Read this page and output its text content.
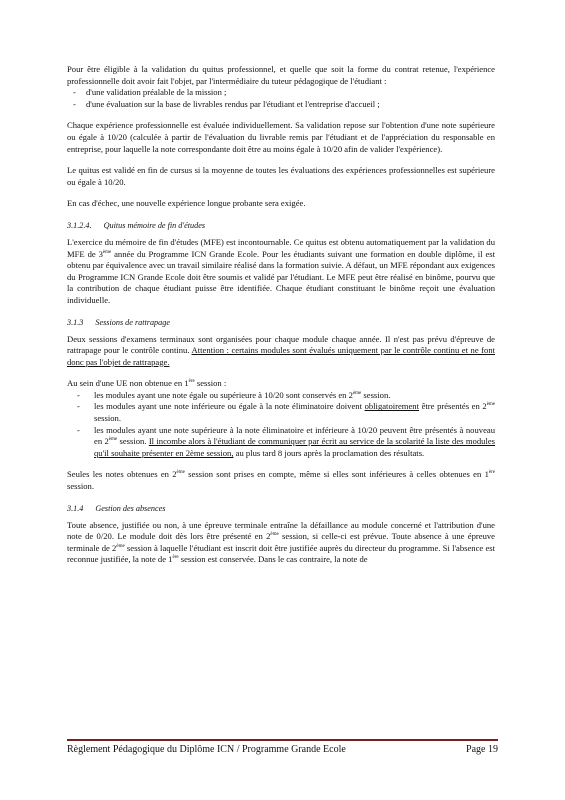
Pour être éligible à la validation du quitus professionnel, et quelle que soit la forme du contrat retenue, l'expérience professionnelle doit avoir fait l'objet, par l'intermédiaire du tuteur pédagogique de l'étudiant :

- d'une validation préalable de la mission ;
- d'une évaluation sur la base de livrables rendus par l'étudiant et l'entreprise d'accueil ;

Chaque expérience professionnelle est évaluée individuellement. Sa validation repose sur l'obtention d'une note supérieure ou égale à 10/20 (calculée à partir de l'évaluation du livrable remis par l'étudiant et de l'appréciation du responsable en entreprise, pour laquelle la note correspondante doit être au moins égale à 10/20 afin de valider l'expérience).

Le quitus est validé en fin de cursus si la moyenne de toutes les évaluations des expériences professionnelles est supérieure ou égale à 10/20.

En cas d'échec, une nouvelle expérience longue probante sera exigée.

3.1.2.4. Quitus mémoire de fin d'études

L'exercice du mémoire de fin d'études (MFE) est incontournable. Ce quitus est obtenu automatiquement par la validation du MFE de 3ème année du Programme ICN Grande Ecole. Pour les étudiants suivant une formation en double diplôme, il est obtenu par équivalence avec un travail similaire réalisé dans la formation suivie. A défaut, un MFE répondant aux exigences du Programme ICN Grande Ecole doit être soumis et validé par l'étudiant. Le MFE peut être réalisé en binôme, pourvu que la contribution de chaque étudiant puisse être identifiée. Chaque étudiant constituant le binôme reçoit une évaluation individuelle.

3.1.3 Sessions de rattrapage

Deux sessions d'examens terminaux sont organisées pour chaque module chaque année. Il n'est pas prévu d'épreuve de rattrapage pour le contrôle continu. Attention : certains modules sont évalués uniquement par le contrôle continu et ne font donc pas l'objet de rattrapage.

Au sein d'une UE non obtenue en 1ère session :

- les modules ayant une note égale ou supérieure à 10/20 sont conservés en 2ème session.
- les modules ayant une note inférieure ou égale à la note éliminatoire doivent obligatoirement être présentés en 2ème session.
- les modules ayant une note supérieure à la note éliminatoire et inférieure à 10/20 peuvent être présentés à nouveau en 2ème session. Il incombe alors à l'étudiant de communiquer par écrit au service de la scolarité la liste des modules qu'il souhaite présenter en 2ème session, au plus tard 8 jours après la proclamation des résultats.

Seules les notes obtenues en 2ème session sont prises en compte, même si elles sont inférieures à celles obtenues en 1ère session.

3.1.4 Gestion des absences

Toute absence, justifiée ou non, à une épreuve terminale entraîne la défaillance au module concerné et l'attribution d'une note de 0/20. Le module doit dès lors être présenté en 2ème session, si celle-ci est prévue. Toute absence à une épreuve terminale de 2ème session à laquelle l'étudiant est inscrit doit être justifiée auprès du directeur du programme. Si l'absence est reconnue justifiée, la note de 1ère session est conservée. Dans le cas contraire, la note de

Règlement Pédagogique du Diplôme ICN / Programme Grande Ecole	Page 19
